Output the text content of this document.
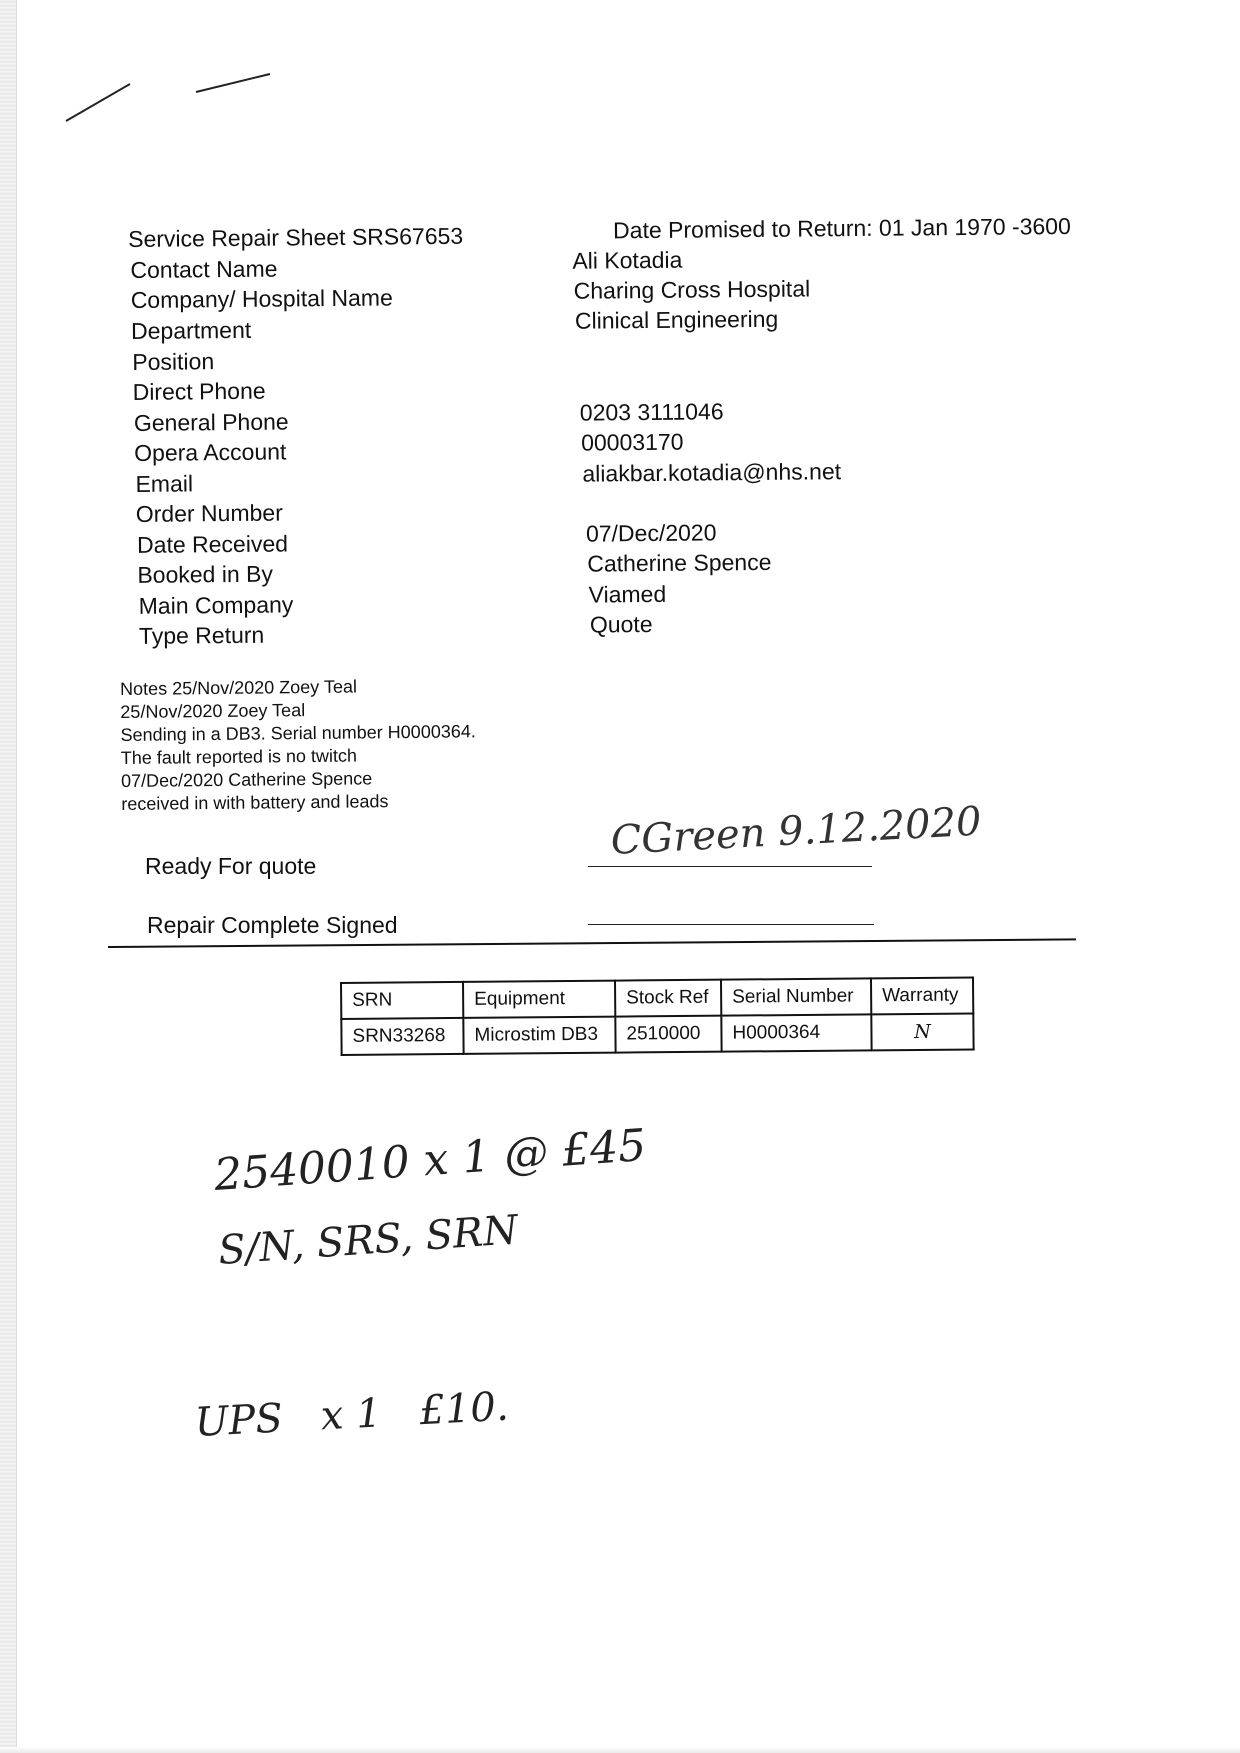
Service Repair Sheet SRS67653	Date Promised to Return: 01 Jan 1970 -3600
Contact Name	Ali Kotadia
Company/ Hospital Name	Charing Cross Hospital
Department	Clinical Engineering
Position
Direct Phone
General Phone	0203 3111046
Opera Account	00003170
Email	aliakbar.kotadia@nhs.net
Order Number
Date Received	07/Dec/2020
Booked in By	Catherine Spence
Main Company	Viamed
Type Return	Quote
Notes 25/Nov/2020 Zoey Teal
25/Nov/2020 Zoey Teal
Sending in a DB3. Serial number H0000364.
The fault reported is no twitch
07/Dec/2020 Catherine Spence
received in with battery and leads
Ready For quote
CGreen 9.12.2020
Repair Complete Signed
SRN	Equipment	Stock Ref	Serial Number	Warranty
SRN33268	Microstim DB3	2510000	H0000364	N
2540010 x 1 @ £45
S/N, SRS, SRN
UPS   x 1   £10.
